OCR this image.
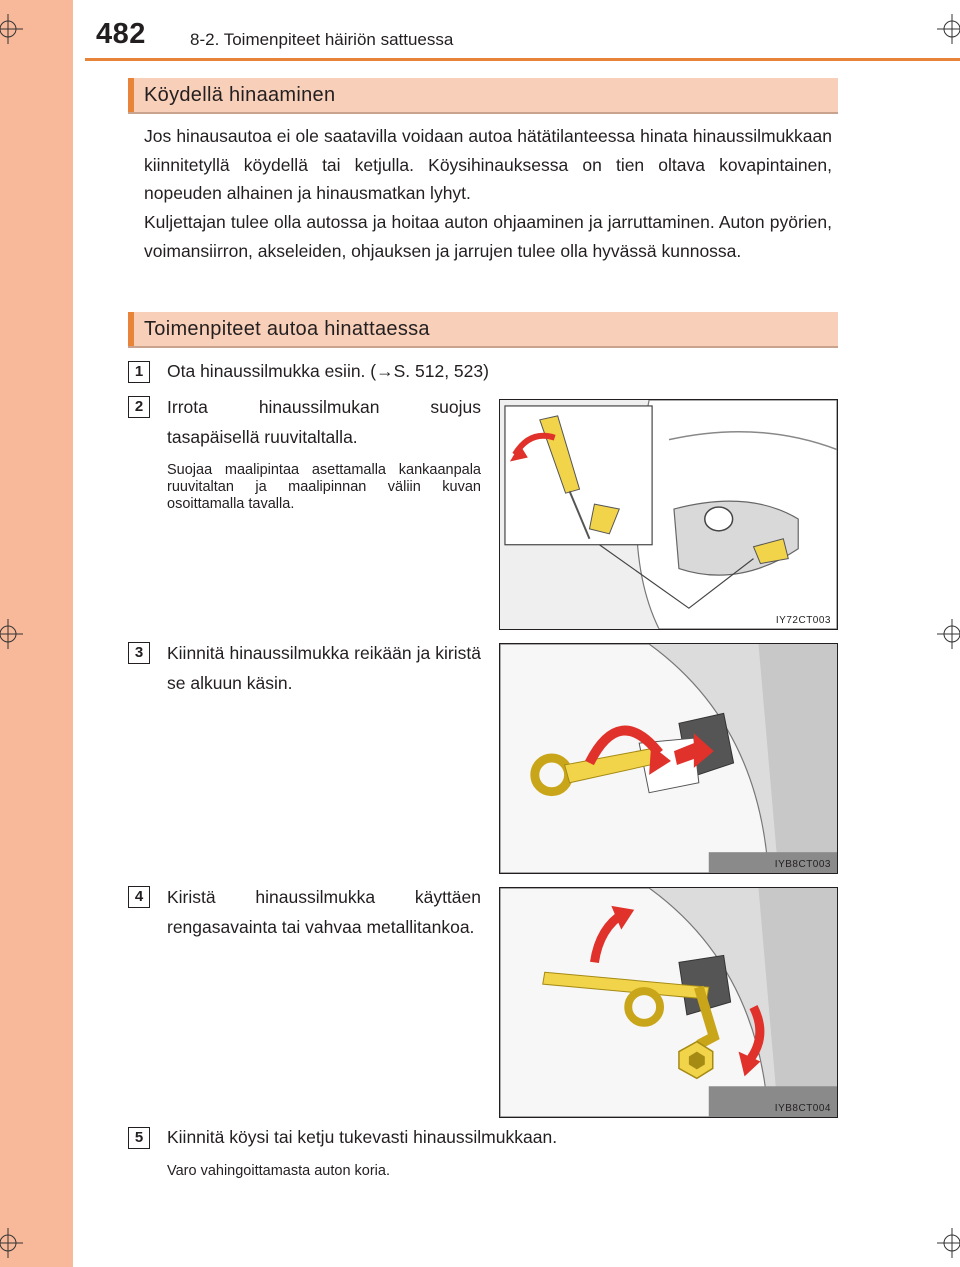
482	8-2. Toimenpiteet häiriön sattuessa
Köydellä hinaaminen

Jos hinausautoa ei ole saatavilla voidaan autoa hätätilanteessa hinata hinaussilmukkaan kiinnitetyllä köydellä tai ketjulla. Köysihinauksessa on tien oltava kovapintainen, nopeuden alhainen ja hinausmatkan lyhyt.

Kuljettajan tulee olla autossa ja hoitaa auton ohjaaminen ja jarruttaminen. Auton pyörien, voimansiirron, akseleiden, ohjauksen ja jarrujen tulee olla hyvässä kunnossa.

Toimenpiteet autoa hinattaessa
1	Ota hinaussilmukka esiin. (→S. 512, 523)

2	Irrota hinaussilmukan suojus tasapäisellä ruuvitaltalla.

Suojaa maalipintaa asettamalla kankaanpala ruuvitaltan ja maalipinnan väliin kuvan osoittamalla tavalla.

IY72CT003
3	Kiinnitä hinaussilmukka reikään ja kiristä se alkuun käsin.

IYB8CT003
4	Kiristä hinaussilmukka käyttäen rengasavainta tai vahvaa metallitankoa.

IYB8CT004
5	Kiinnitä köysi tai ketju tukevasti hinaussilmukkaan.

Varo vahingoittamasta auton koria.
